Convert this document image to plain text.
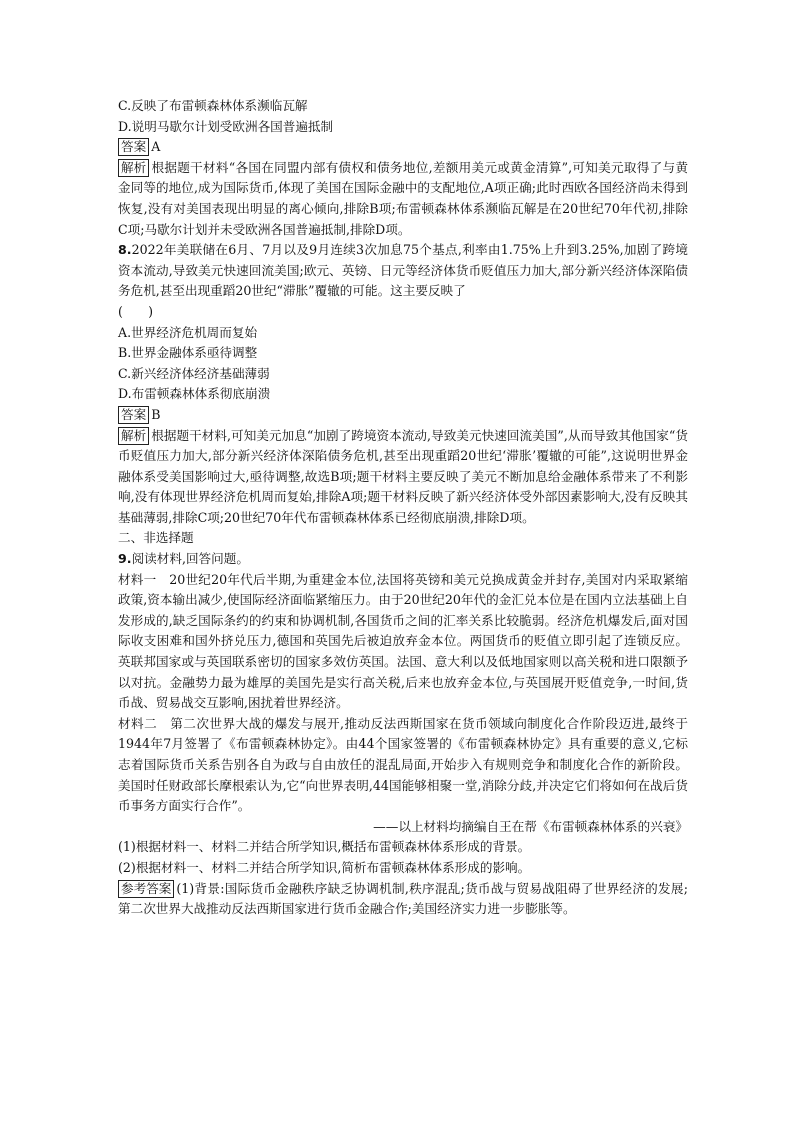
C.反映了布雷顿森林体系濒临瓦解
D.说明马歇尔计划受欧洲各国普遍抵制
答案 A

解析 根据题干材料“各国在同盟内部有债权和债务地位,差额用美元或黄金清算”,可知美元取得了与黄金同等的地位,成为国际货币,体现了美国在国际金融中的支配地位,A项正确;此时西欧各国经济尚未得到恢复,没有对美国表现出明显的离心倾向,排除B项;布雷顿森林体系濒临瓦解是在20世纪70年代初,排除C项;马歇尔计划并未受欧洲各国普遍抵制,排除D项。

8.2022年美联储在6月、7月以及9月连续3次加息75个基点,利率由1.75%上升到3.25%,加剧了跨境资本流动,导致美元快速回流美国;欧元、英镑、日元等经济体货币贬值压力加大,部分新兴经济体深陷债务危机,甚至出现重蹈20世纪“滞胀”覆辙的可能。这主要反映了

(　　)
A.世界经济危机周而复始
B.世界金融体系亟待调整
C.新兴经济体经济基础薄弱
D.布雷顿森林体系彻底崩溃
答案 B

解析 根据题干材料,可知美元加息“加剧了跨境资本流动,导致美元快速回流美国”,从而导致其他国家“货币贬值压力加大,部分新兴经济体深陷债务危机,甚至出现重蹈20世纪‘滞胀’覆辙的可能”,这说明世界金融体系受美国影响过大,亟待调整,故选B项;题干材料主要反映了美元不断加息给金融体系带来了不利影响,没有体现世界经济危机周而复始,排除A项;题干材料反映了新兴经济体受外部因素影响大,没有反映其基础薄弱,排除C项;20世纪70年代布雷顿森林体系已经彻底崩溃,排除D项。

二、非选择题
9.阅读材料,回答问题。

材料一　 20世纪20年代后半期,为重建金本位,法国将英镑和美元兑换成黄金并封存,美国对内采取紧缩政策,资本输出减少,使国际经济面临紧缩压力。由于20世纪20年代的金汇兑本位是在国内立法基础上自发形成的,缺乏国际条约的约束和协调机制,各国货币之间的汇率关系比较脆弱。经济危机爆发后,面对国际收支困难和国外挤兑压力,德国和英国先后被迫放弃金本位。两国货币的贬值立即引起了连锁反应。英联邦国家或与英国联系密切的国家多效仿英国。法国、意大利以及低地国家则以高关税和进口限额予以对抗。金融势力最为雄厚的美国先是实行高关税,后来也放弃金本位,与英国展开贬值竞争,一时间,货币战、贸易战交互影响,困扰着世界经济。

材料二　 第二次世界大战的爆发与展开,推动反法西斯国家在货币领域向制度化合作阶段迈进,最终于1944年7月签署了《布雷顿森林协定》。由44个国家签署的《布雷顿森林协定》具有重要的意义,它标志着国际货币关系告别各自为政与自由放任的混乱局面,开始步入有规则竞争和制度化合作的新阶段。美国时任财政部长摩根索认为,它“向世界表明,44国能够相聚一堂,消除分歧,并决定它们将如何在战后货币事务方面实行合作”。

——以上材料均摘编自王在帮《布雷顿森林体系的兴衰》
(1)根据材料一、材料二并结合所学知识,概括布雷顿森林体系形成的背景。
(2)根据材料一、材料二并结合所学知识,简析布雷顿森林体系形成的影响。

参考答案 (1)背景:国际货币金融秩序缺乏协调机制,秩序混乱;货币战与贸易战阻碍了世界经济的发展;第二次世界大战推动反法西斯国家进行货币金融合作;美国经济实力进一步膨胀等。
